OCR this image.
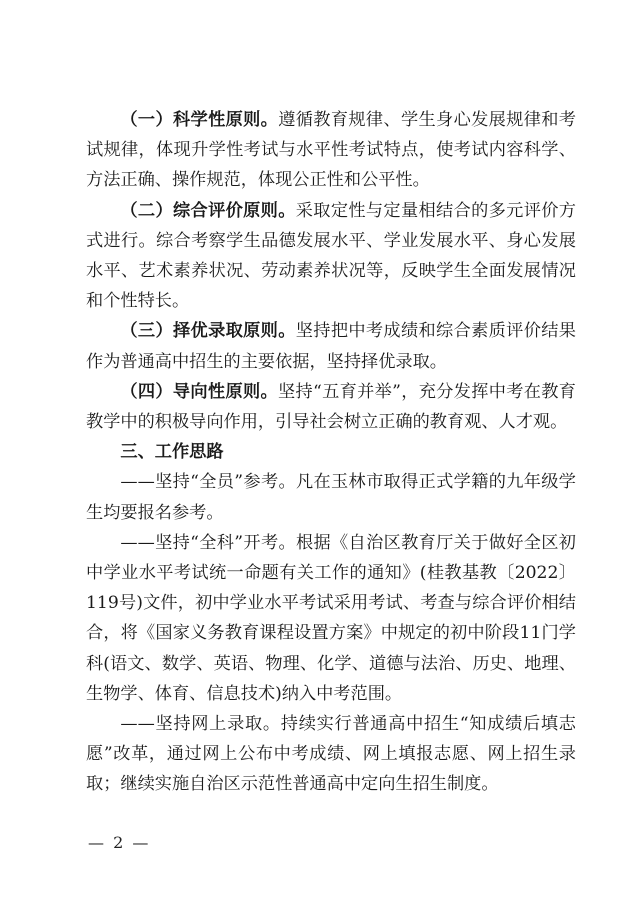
（一）科学性原则。遵循教育规律、学生身心发展规律和考试规律，体现升学性考试与水平性考试特点，使考试内容科学、方法正确、操作规范，体现公正性和公平性。

（二）综合评价原则。采取定性与定量相结合的多元评价方式进行。综合考察学生品德发展水平、学业发展水平、身心发展水平、艺术素养状况、劳动素养状况等，反映学生全面发展情况和个性特长。

（三）择优录取原则。坚持把中考成绩和综合素质评价结果作为普通高中招生的主要依据，坚持择优录取。

（四）导向性原则。坚持“五育并举”，充分发挥中考在教育教学中的积极导向作用，引导社会树立正确的教育观、人才观。

三、工作思路

——坚持“全员”参考。凡在玉林市取得正式学籍的九年级学生均要报名参考。

——坚持“全科”开考。根据《自治区教育厅关于做好全区初中学业水平考试统一命题有关工作的通知》(桂教基教〔2022〕119号)文件，初中学业水平考试采用考试、考查与综合评价相结合，将《国家义务教育课程设置方案》中规定的初中阶段11门学科(语文、数学、英语、物理、化学、道德与法治、历史、地理、生物学、体育、信息技术)纳入中考范围。

——坚持网上录取。持续实行普通高中招生“知成绩后填志愿”改革，通过网上公布中考成绩、网上填报志愿、网上招生录取；继续实施自治区示范性普通高中定向生招生制度。

— 2 —
